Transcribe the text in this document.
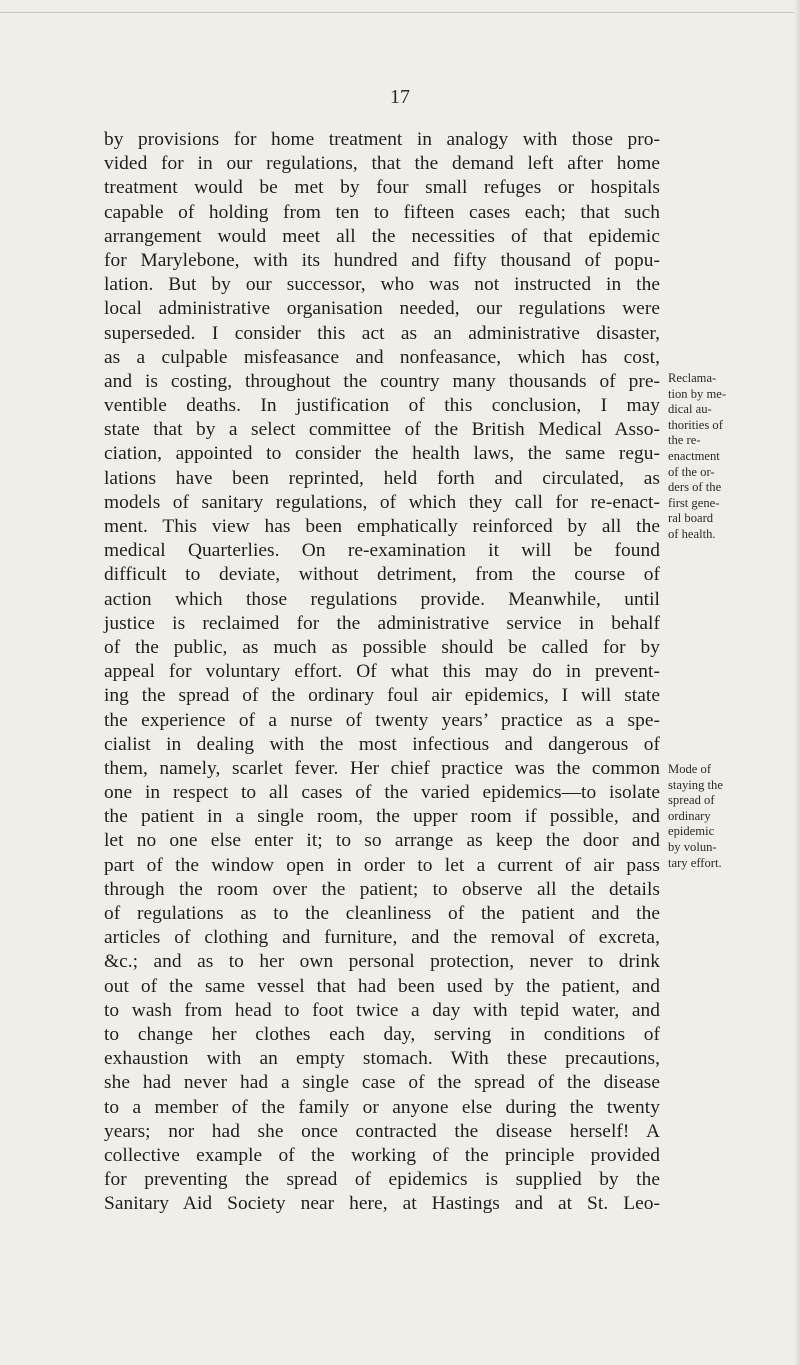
17
by provisions for home treatment in analogy with those pro-
vided for in our regulations, that the demand left after home
treatment would be met by four small refuges or hospitals
capable of holding from ten to fifteen cases each; that such
arrangement would meet all the necessities of that epidemic
for Marylebone, with its hundred and fifty thousand of popu-
lation. But by our successor, who was not instructed in the
local administrative organisation needed, our regulations were
superseded. I consider this act as an administrative disaster,
as a culpable misfeasance and nonfeasance, which has cost,
and is costing, throughout the country many thousands of pre-
ventible deaths. In justification of this conclusion, I may
state that by a select committee of the British Medical Asso-
ciation, appointed to consider the health laws, the same regu-
lations have been reprinted, held forth and circulated, as
models of sanitary regulations, of which they call for re-enact-
ment. This view has been emphatically reinforced by all the
medical Quarterlies. On re-examination it will be found
difficult to deviate, without detriment, from the course of
action which those regulations provide. Meanwhile, until
justice is reclaimed for the administrative service in behalf
of the public, as much as possible should be called for by
appeal for voluntary effort. Of what this may do in prevent-
ing the spread of the ordinary foul air epidemics, I will state
the experience of a nurse of twenty years’ practice as a spe-
cialist in dealing with the most infectious and dangerous of
them, namely, scarlet fever. Her chief practice was the common
one in respect to all cases of the varied epidemics—to isolate
the patient in a single room, the upper room if possible, and
let no one else enter it; to so arrange as keep the door and
part of the window open in order to let a current of air pass
through the room over the patient; to observe all the details
of regulations as to the cleanliness of the patient and the
articles of clothing and furniture, and the removal of excreta,
&c.; and as to her own personal protection, never to drink
out of the same vessel that had been used by the patient, and
to wash from head to foot twice a day with tepid water, and
to change her clothes each day, serving in conditions of
exhaustion with an empty stomach. With these precautions,
she had never had a single case of the spread of the disease
to a member of the family or anyone else during the twenty
years; nor had she once contracted the disease herself! A
collective example of the working of the principle provided
for preventing the spread of epidemics is supplied by the
Sanitary Aid Society near here, at Hastings and at St. Leo-
Reclama-
tion by me-
dical au-
thorities of
the re-
enactment
of the or-
ders of the
first gene-
ral board
of health.
Mode of
staying the
spread of
ordinary
epidemic
by volun-
tary effort.
